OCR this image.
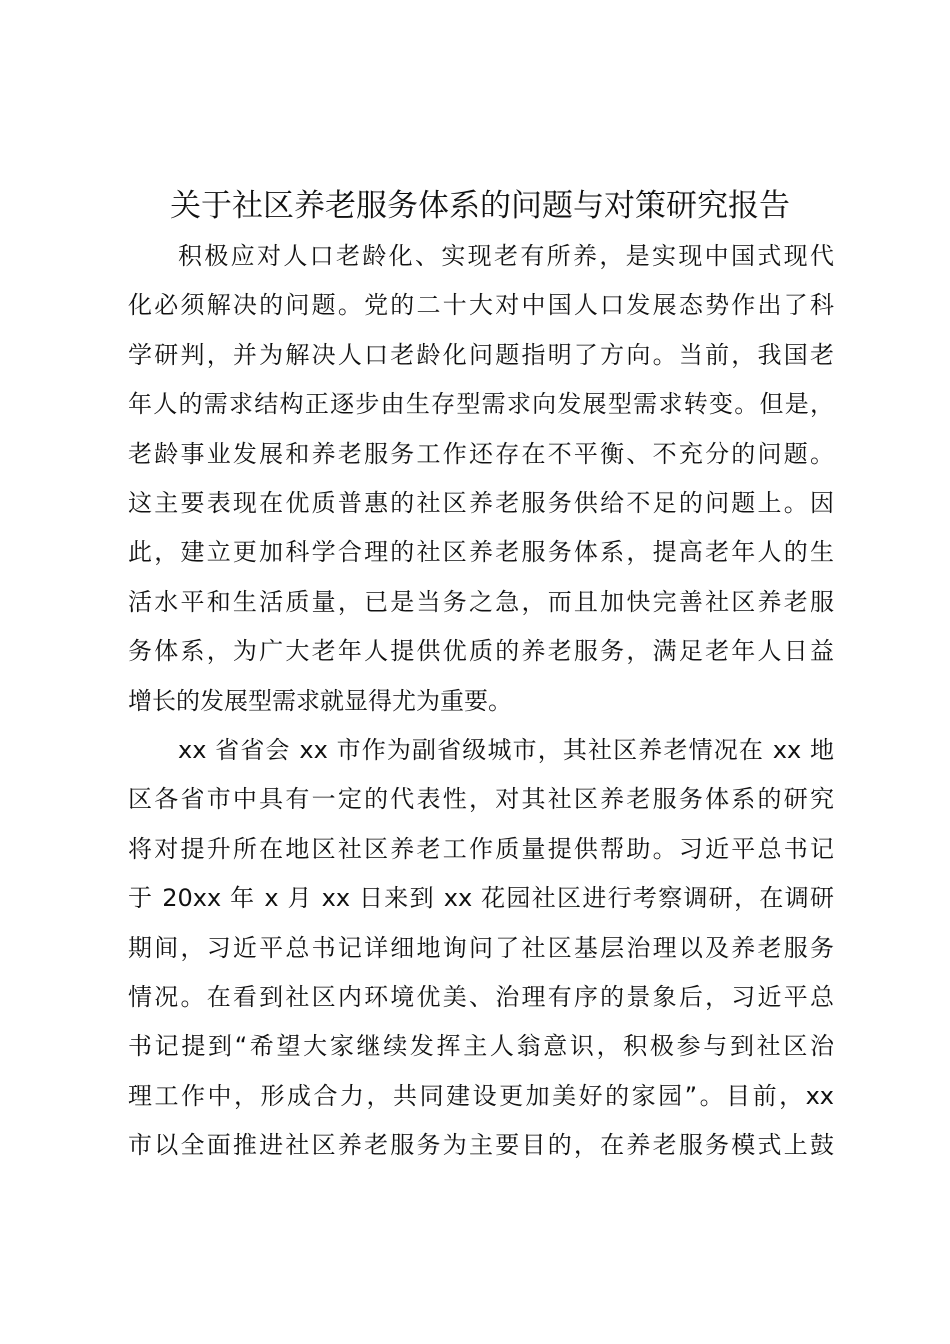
关于社区养老服务体系的问题与对策研究报告
积极应对人口老龄化、实现老有所养，是实现中国式现代
化必须解决的问题。党的二十大对中国人口发展态势作出了科
学研判，并为解决人口老龄化问题指明了方向。当前，我国老
年人的需求结构正逐步由生存型需求向发展型需求转变。但是，
老龄事业发展和养老服务工作还存在不平衡、不充分的问题。
这主要表现在优质普惠的社区养老服务供给不足的问题上。因
此，建立更加科学合理的社区养老服务体系，提高老年人的生
活水平和生活质量，已是当务之急，而且加快完善社区养老服
务体系，为广大老年人提供优质的养老服务，满足老年人日益
增长的发展型需求就显得尤为重要。
xx 省省会 xx 市作为副省级城市，其社区养老情况在 xx 地
区各省市中具有一定的代表性，对其社区养老服务体系的研究
将对提升所在地区社区养老工作质量提供帮助。习近平总书记
于 20xx 年 x 月 xx 日来到 xx 花园社区进行考察调研，在调研
期间，习近平总书记详细地询问了社区基层治理以及养老服务
情况。在看到社区内环境优美、治理有序的景象后，习近平总
书记提到“希望大家继续发挥主人翁意识，积极参与到社区治
理工作中，形成合力，共同建设更加美好的家园”。目前，xx
市以全面推进社区养老服务为主要目的，在养老服务模式上鼓
